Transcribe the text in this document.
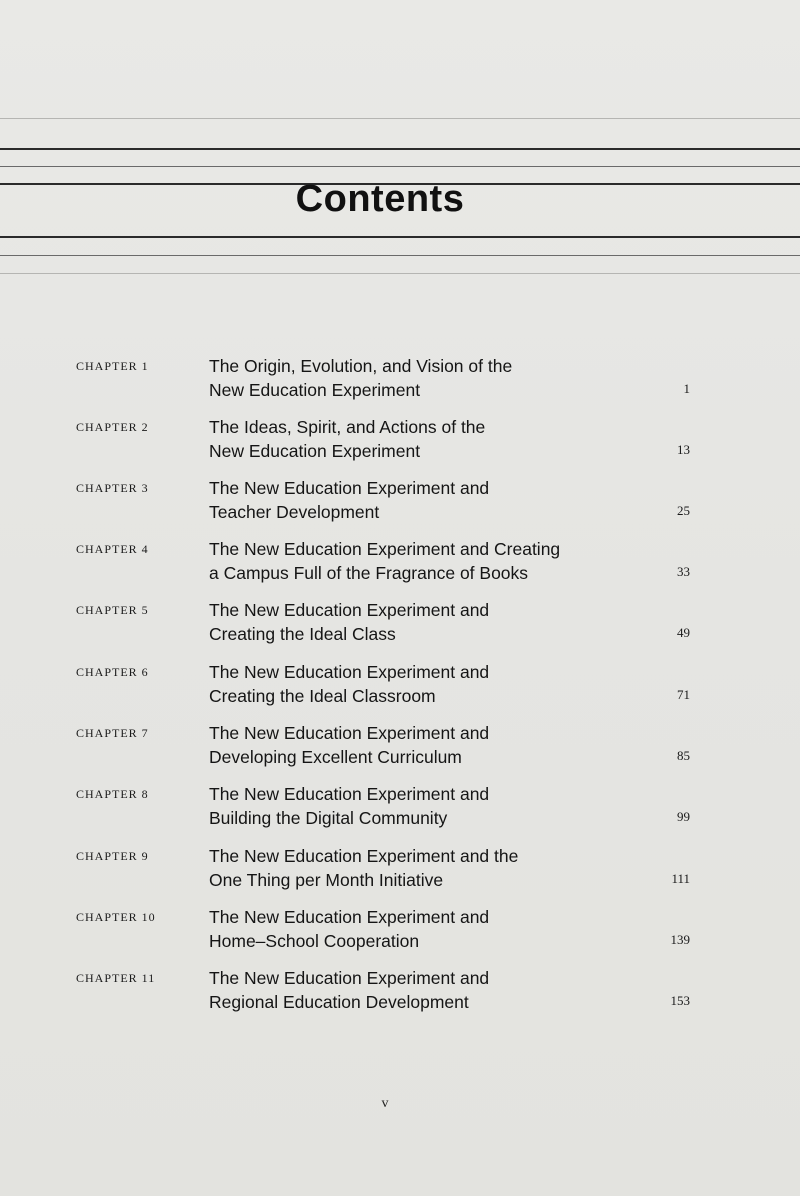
Contents
CHAPTER 1	The Origin, Evolution, and Vision of the
New Education Experiment	1
CHAPTER 2	The Ideas, Spirit, and Actions of the
New Education Experiment	13
CHAPTER 3	The New Education Experiment and
Teacher Development	25
CHAPTER 4	The New Education Experiment and Creating
a Campus Full of the Fragrance of Books	33
CHAPTER 5	The New Education Experiment and
Creating the Ideal Class	49
CHAPTER 6	The New Education Experiment and
Creating the Ideal Classroom	71
CHAPTER 7	The New Education Experiment and
Developing Excellent Curriculum	85
CHAPTER 8	The New Education Experiment and
Building the Digital Community	99
CHAPTER 9	The New Education Experiment and the
One Thing per Month Initiative	111
CHAPTER 10	The New Education Experiment and
Home–School Cooperation	139
CHAPTER 11	The New Education Experiment and
Regional Education Development	153
v
